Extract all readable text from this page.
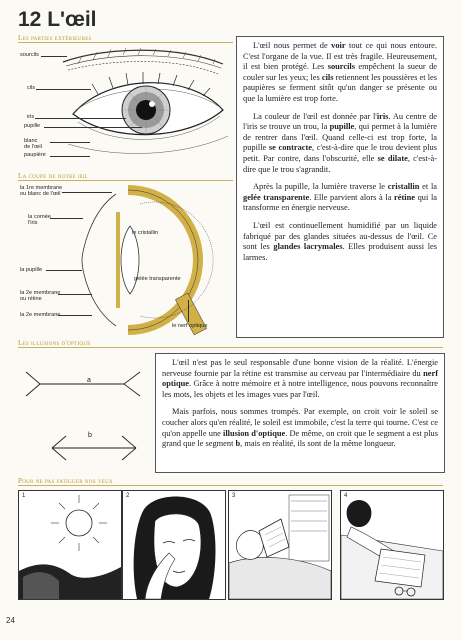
12 L'œil
Les parties extérieures
sourcils
cils
iris
pupille
blanc
de l'œil
paupière
La coupe de notre œil
la 1re membrane
ou blanc de l'œil
la cornée
l'iris
la pupille
la 2e membrane
ou rétine
la 2e membrane
le cristallin
gelée transparente
le nerf optique

L'œil nous permet de voir tout ce qui nous entoure. C'est l'organe de la vue. Il est très fragile. Heureusement, il est bien protégé. Les sourcils empêchent la sueur de couler sur les yeux; les cils retiennent les poussières et les paupières se ferment sitôt qu'un danger se présente ou que la lumière est trop forte.

La couleur de l'œil est donnée par l'iris. Au centre de l'iris se trouve un trou, la pupille, qui permet à la lumière de rentrer dans l'œil. Quand celle-ci est trop forte, la pupille se contracte, c'est-à-dire que le trou devient plus petit. Par contre, dans l'obscurité, elle se dilate, c'est-à-dire que le trou s'agrandit.

Après la pupille, la lumière traverse le cristallin et la gelée transparente. Elle parvient alors à la rétine qui la transforme en énergie nerveuse.

L'œil est continuellement humidifié par un liquide fabriqué par des glandes situées au-dessus de l'œil. Ce sont les glandes lacrymales. Elles produisent aussi les larmes.

Les illusions d'optique
a
b

L'œil n'est pas le seul responsable d'une bonne vision de la réalité. L'énergie nerveuse fournie par la rétine est transmise au cerveau par l'intermédiaire du nerf optique. Grâce à notre mémoire et à notre intelligence, nous pouvons reconnaître les mots, les objets et les images vues par l'œil.

Mais parfois, nous sommes trompés. Par exemple, on croit voir le soleil se coucher alors qu'en réalité, le soleil est immobile, c'est la terre qui tourne. C'est ce qu'on appelle une illusion d'optique. De même, on croit que le segment a est plus grand que le segment b, mais en réalité, ils sont de la même longueur.

Pour ne pas fatiguer nos yeux
1	2	3	4
24
